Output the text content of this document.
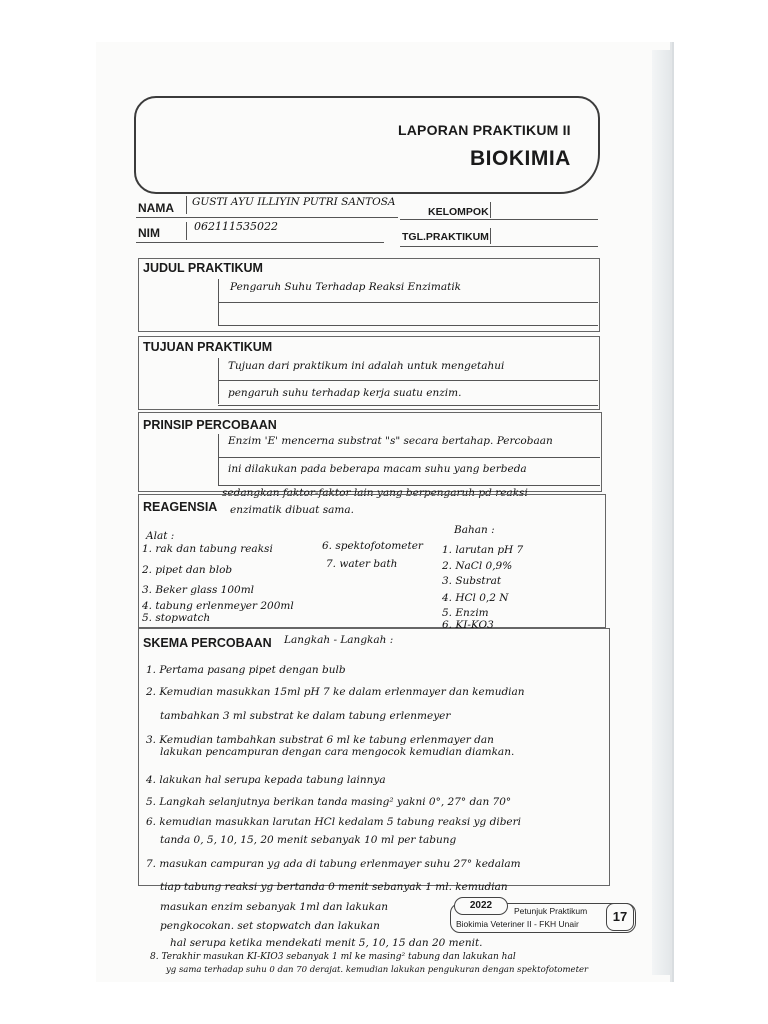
LAPORAN PRAKTIKUM II
BIOKIMIA
NAMA GUSTI AYU ILLIYIN PUTRI SANTOSA
KELOMPOK
NIM	062111535022
TGL.PRAKTIKUM
JUDUL PRAKTIKUM
Pengaruh Suhu Terhadap Reaksi Enzimatik
TUJUAN PRAKTIKUM
Tujuan dari praktikum ini adalah untuk mengetahui
pengaruh suhu terhadap kerja suatu enzim.
PRINSIP PERCOBAAN
Enzim 'E' mencerna substrat "s" secara bertahap. Percobaan
ini dilakukan pada beberapa macam suhu yang berbeda
sedangkan faktor-faktor lain yang berpengaruh pd reaksi
enzimatik dibuat sama.
REAGENSIA
Alat :
1. rak dan tabung reaksi
2. pipet dan blob
3. Beker glass 100ml
4. tabung erlenmeyer 200ml
5. stopwatch
6. spektofotometer
7. water bath
Bahan :
1. larutan pH 7
2. NaCl 0,9%
3. Substrat
4. HCl 0,2 N
5. Enzim
6. KI-KO3
SKEMA PERCOBAAN Langkah - Langkah :
1. Pertama pasang pipet dengan bulb
2. Kemudian masukkan 15ml pH 7 ke dalam erlenmayer dan kemudian
tambahkan 3 ml substrat ke dalam tabung erlenmeyer
3. Kemudian tambahkan substrat 6 ml ke tabung erlenmayer dan
lakukan pencampuran dengan cara mengocok kemudian diamkan.
4. lakukan hal serupa kepada tabung lainnya
5. Langkah selanjutnya berikan tanda masing² yakni 0°, 27° dan 70°
6. kemudian masukkan larutan HCl kedalam 5 tabung reaksi yg diberi
tanda 0, 5, 10, 15, 20 menit sebanyak 10 ml per tabung
7. masukan campuran yg ada di tabung erlenmayer suhu 27° kedalam
tiap tabung reaksi yg bertanda 0 menit sebanyak 1 ml. kemudian
masukan enzim sebanyak 1ml dan lakukan
pengkocokan. set stopwatch dan lakukan
hal serupa ketika mendekati menit 5, 10, 15 dan 20 menit.
8. Terakhir masukan KI-KIO3 sebanyak 1 ml ke masing² tabung dan lakukan hal
yg sama terhadap suhu 0 dan 70 derajat. kemudian lakukan pengukuran dengan spektofotometer
2022	Petunjuk Praktikum
Biokimia Veteriner II - FKH Unair	17
